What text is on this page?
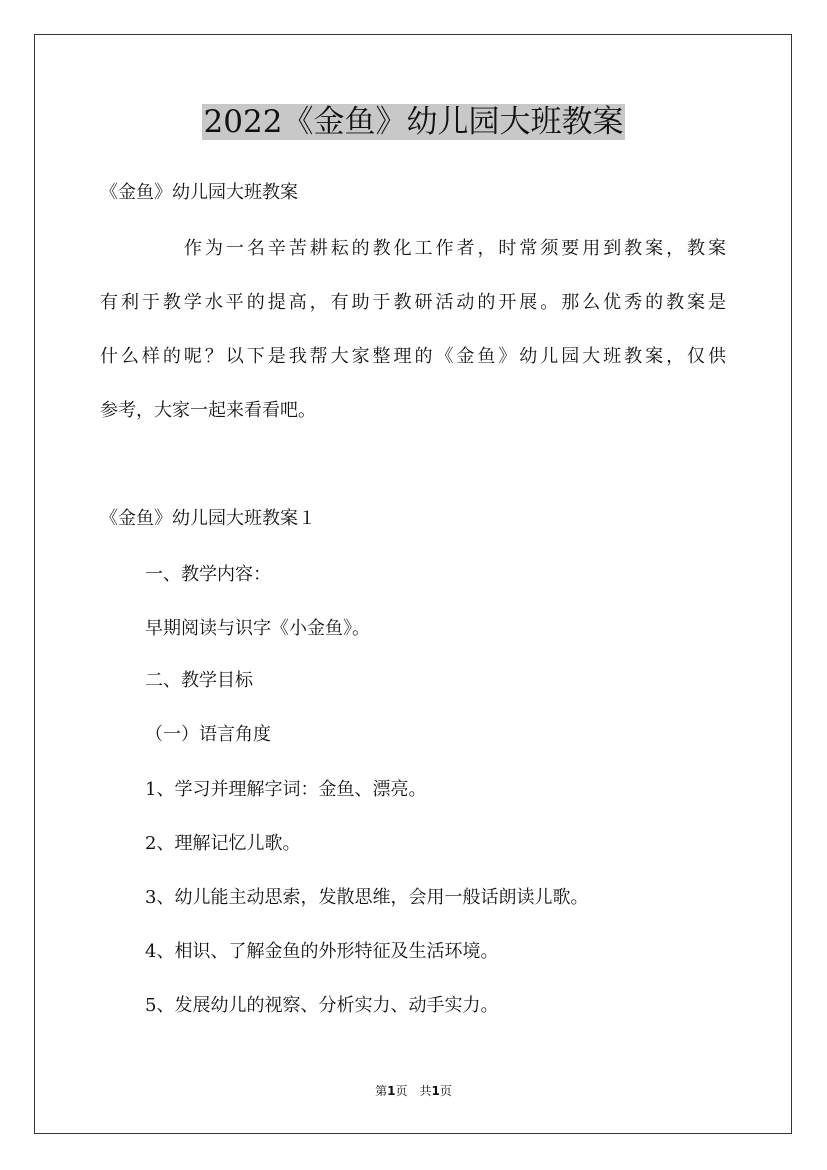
2022《金鱼》幼儿园大班教案

《金鱼》幼儿园大班教案

作为一名辛苦耕耘的教化工作者，时常须要用到教案，教案

有利于教学水平的提高，有助于教研活动的开展。那么优秀的教案是

什么样的呢？以下是我帮大家整理的《金鱼》幼儿园大班教案，仅供

参考，大家一起来看看吧。

《金鱼》幼儿园大班教案１

一、教学内容：

早期阅读与识字《小金鱼》。

二、教学目标

（一）语言角度

1、学习并理解字词：金鱼、漂亮。

2、理解记忆儿歌。

3、幼儿能主动思索，发散思维，会用一般话朗读儿歌。

4、相识、了解金鱼的外形特征及生活环境。

5、发展幼儿的视察、分析实力、动手实力。

第1页　共1页
